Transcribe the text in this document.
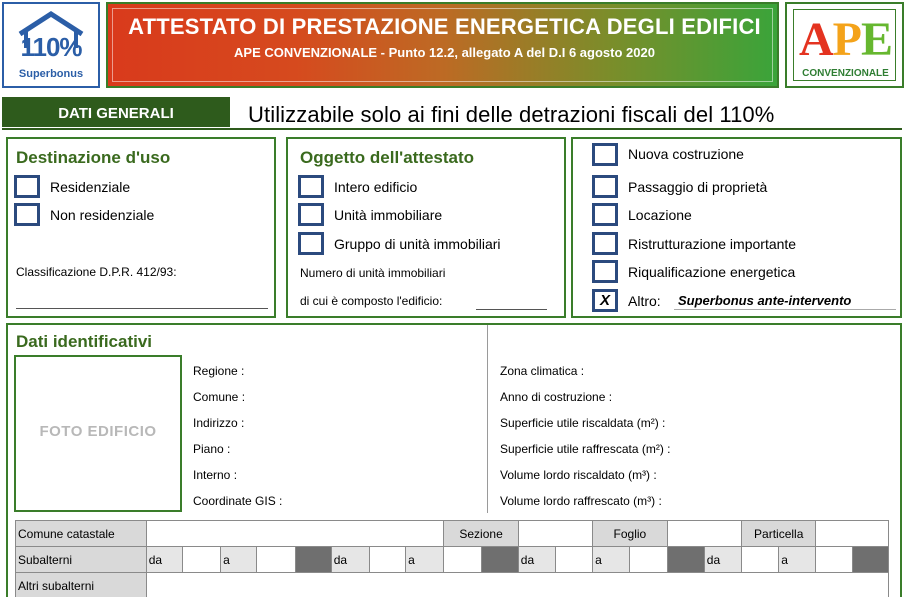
110%
Superbonus
ATTESTATO DI PRESTAZIONE ENERGETICA DEGLI EDIFICI
APE CONVENZIONALE - Punto 12.2, allegato A del D.I 6 agosto 2020	APE
CONVENZIONALE
DATI GENERALI	Utilizzabile solo ai fini delle detrazioni fiscali del 110%
Destinazione d'uso
Residenziale
Non residenziale
Classificazione D.P.R. 412/93:
Oggetto dell'attestato
Intero edificio
Unità immobiliare
Gruppo di unità immobiliari
Numero di unità immobiliari
di cui è composto l'edificio:
Nuova costruzione
Passaggio di proprietà
Locazione
Ristrutturazione importante
Riqualificazione energetica
X	Altro: Superbonus ante-intervento
Dati identificativi
FOTO EDIFICIO
Regione :
Comune :
Indirizzo :
Piano :
Interno :
Coordinate GIS :
Zona climatica :
Anno di costruzione :
Superficie utile riscaldata (m²) :
Superficie utile raffrescata (m²) :
Volume lordo riscaldato (m³) :
Volume lordo raffrescato (m³) :
Comune catastale									Sezione				Foglio				Particella			
Subalterni	da		a			da		a			da		a			da		a		
Altri subalterni																				
